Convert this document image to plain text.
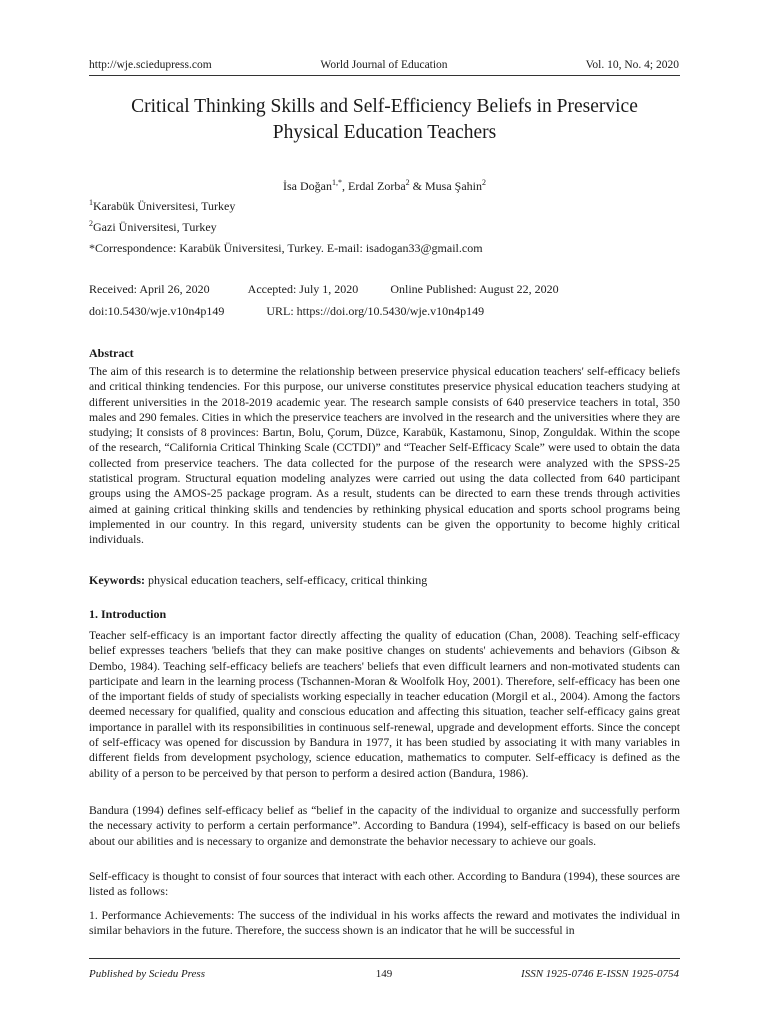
http://wje.sciedupress.com	World Journal of Education	Vol. 10, No. 4; 2020
Critical Thinking Skills and Self-Efficiency Beliefs in Preservice
Physical Education Teachers
İsa Doğan$^{1,*}$, Erdal Zorba$^2$ & Musa Şahin$^2$
$^1$Karabük Üniversitesi, Turkey
$^2$Gazi Üniversitesi, Turkey
*Correspondence: Karabük Üniversitesi, Turkey. E-mail: isadogan33@gmail.com
Received: April 26, 2020	Accepted: July 1, 2020	Online Published: August 22, 2020
doi:10.5430/wje.v10n4p149	URL: https://doi.org/10.5430/wje.v10n4p149
Abstract

The aim of this research is to determine the relationship between preservice physical education teachers' self-efficacy beliefs and critical thinking tendencies. For this purpose, our universe constitutes preservice physical education teachers studying at different universities in the 2018-2019 academic year. The research sample consists of 640 preservice teachers in total, 350 males and 290 females. Cities in which the preservice teachers are involved in the research and the universities where they are studying; It consists of 8 provinces: Bartın, Bolu, Çorum, Düzce, Karabük, Kastamonu, Sinop, Zonguldak. Within the scope of the research, “California Critical Thinking Scale (CCTDI)” and “Teacher Self-Efficacy Scale” were used to obtain the data collected from preservice teachers. The data collected for the purpose of the research were analyzed with the SPSS-25 statistical program. Structural equation modeling analyzes were carried out using the data collected from 640 participant groups using the AMOS-25 package program. As a result, students can be directed to earn these trends through activities aimed at gaining critical thinking skills and tendencies by rethinking physical education and sports school programs being implemented in our country. In this regard, university students can be given the opportunity to become highly critical individuals.

Keywords: physical education teachers, self-efficacy, critical thinking
1. Introduction

Teacher self-efficacy is an important factor directly affecting the quality of education (Chan, 2008). Teaching self-efficacy belief expresses teachers 'beliefs that they can make positive changes on students' achievements and behaviors (Gibson & Dembo, 1984). Teaching self-efficacy beliefs are teachers' beliefs that even difficult learners and non-motivated students can participate and learn in the learning process (Tschannen-Moran & Woolfolk Hoy, 2001). Therefore, self-efficacy has been one of the important fields of study of specialists working especially in teacher education (Morgil et al., 2004). Among the factors deemed necessary for qualified, quality and conscious education and affecting this situation, teacher self-efficacy gains great importance in parallel with its responsibilities in continuous self-renewal, upgrade and development efforts. Since the concept of self-efficacy was opened for discussion by Bandura in 1977, it has been studied by associating it with many variables in different fields from development psychology, science education, mathematics to computer. Self-efficacy is defined as the ability of a person to be perceived by that person to perform a desired action (Bandura, 1986).

Bandura (1994) defines self-efficacy belief as “belief in the capacity of the individual to organize and successfully perform the necessary activity to perform a certain performance”. According to Bandura (1994), self-efficacy is based on our beliefs about our abilities and is necessary to organize and demonstrate the behavior necessary to achieve our goals.

Self-efficacy is thought to consist of four sources that interact with each other. According to Bandura (1994), these sources are listed as follows:

1. Performance Achievements: The success of the individual in his works affects the reward and motivates the individual in similar behaviors in the future. Therefore, the success shown is an indicator that he will be successful in

Published by Sciedu Press	149	ISSN 1925-0746 E-ISSN 1925-0754
